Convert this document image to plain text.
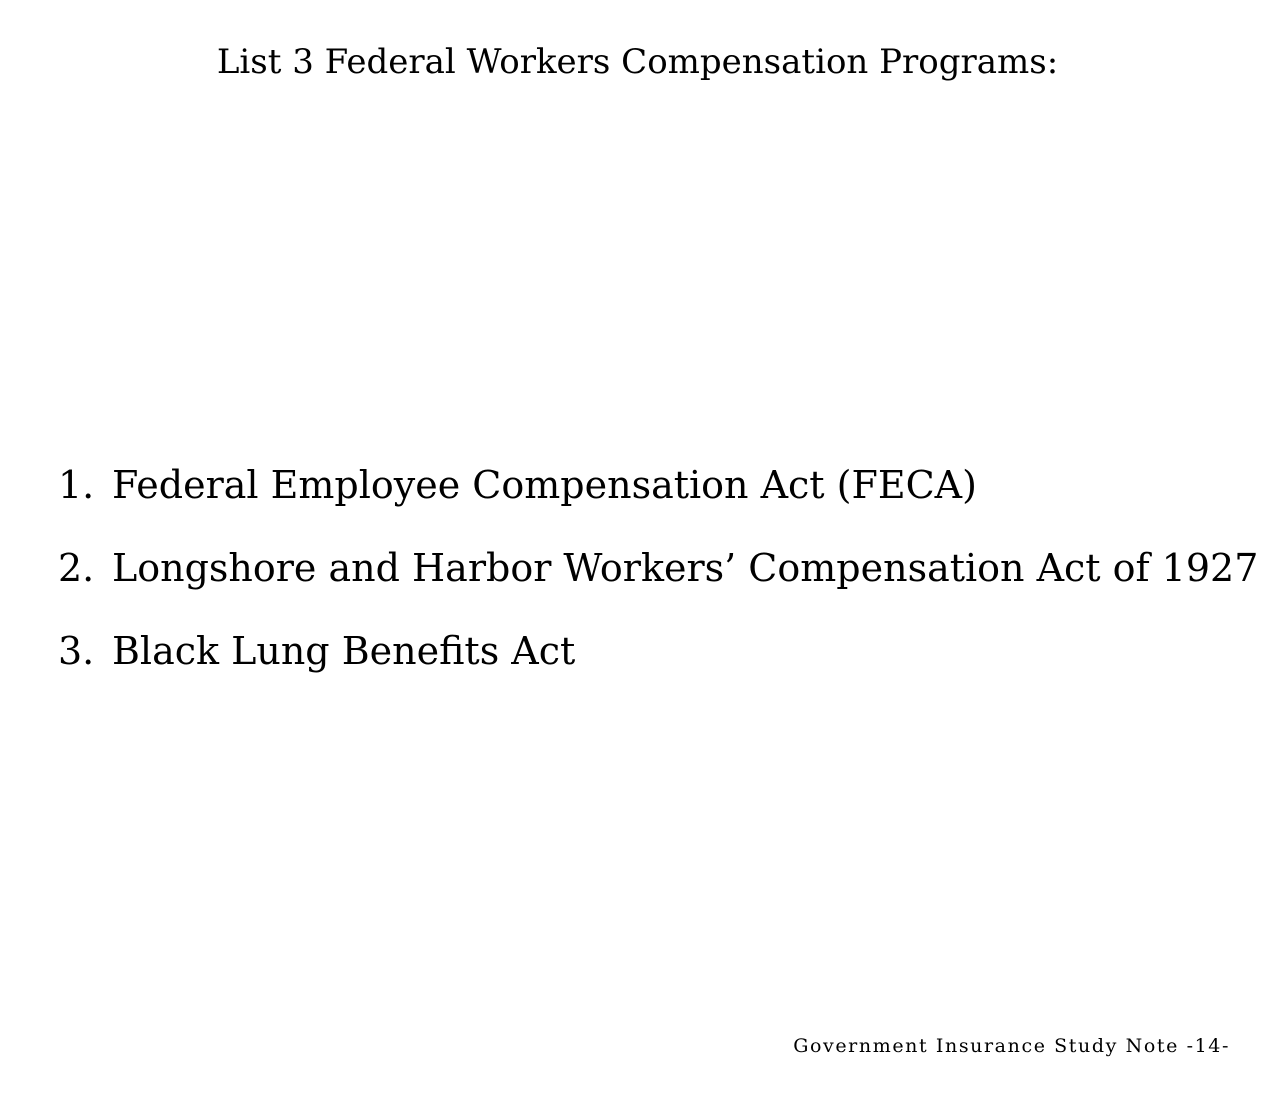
List 3 Federal Workers Compensation Programs:
1. Federal Employee Compensation Act (FECA)
2. Longshore and Harbor Workers’ Compensation Act of 1927
3. Black Lung Benefits Act
Government Insurance Study Note -14-
